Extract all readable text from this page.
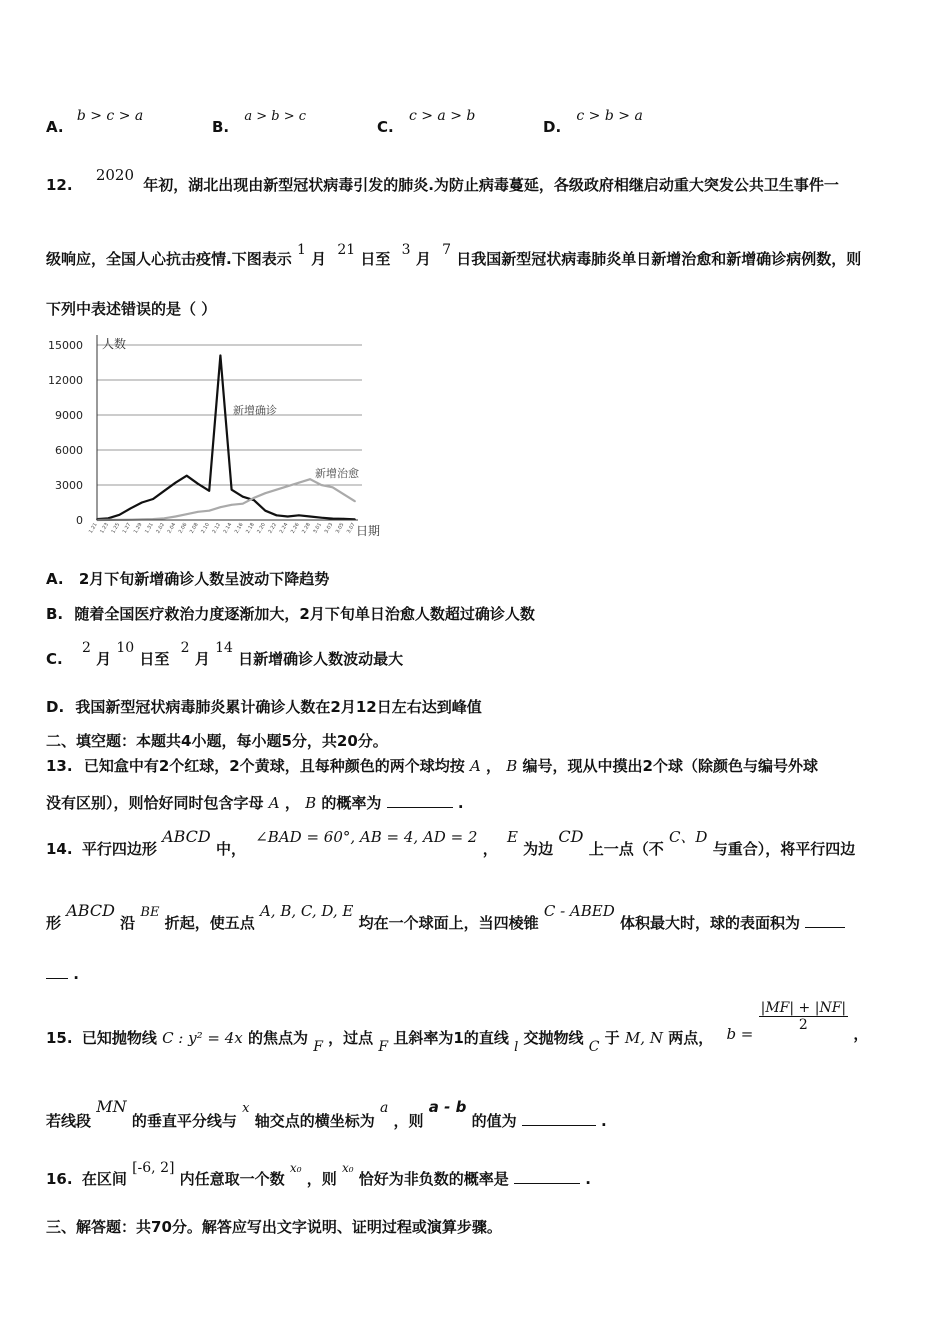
A. b > c > a
B. a > b > c
C. c > a > b
D. c > b > a
12. 2020 年初，湖北出现由新型冠状病毒引发的肺炎.为防止病毒蔓延，各级政府相继启动重大突发公共卫生事件一
级响应，全国人心抗击疫情.下图表示 1 月 21 日至 3 月 7 日我国新型冠状病毒肺炎单日新增治愈和新增确诊病例数，则
下列中表述错误的是（ ）
15000
12000
9000
6000
3000
0
1.21 1.23 1.25 1.27 1.29 1.31 2.02 2.04 2.06 2.08 2.10 2.12 2.14 2.16 2.18 2.20 2.22 2.24 2.26 2.28 3.01 3.03 3.05 3.07
人数
日期
新增确诊
新增治愈
A. 2月下旬新增确诊人数呈波动下降趋势
B. 随着全国医疗救治力度逐渐加大，2月下旬单日治愈人数超过确诊人数
C. 2 月 10 日至 2 月 14 日新增确诊人数波动最大
D. 我国新型冠状病毒肺炎累计确诊人数在2月12日左右达到峰值
二、填空题：本题共4小题，每小题5分，共20分。
13. 已知盒中有2个红球，2个黄球，且每种颜色的两个球均按 A ， B 编号，现从中摸出2个球（除颜色与编号外球
没有区别），则恰好同时包含字母 A ， B 的概率为	.
14. 平行四边形 ABCD 中， ∠BAD = 60°, AB = 4, AD = 2 ， E 为边 CD 上一点（不 C、D 与重合），将平行四边
形 ABCD 沿 BE 折起，使五点 A, B, C, D, E 均在一个球面上，当四棱锥 C - ABED 体积最大时，球的表面积为
.
15. 已知抛物线 C : y² = 4x 的焦点为 F ，过点 F 且斜率为1的直线 l 交抛物线 C 于 M, N 两点， b =
$\frac{|MF| + |NF|}{2}$
，
若线段 MN 的垂直平分线与 x 轴交点的横坐标为 a ，则 a - b 的值为	.
16. 在区间 [-6, 2] 内任意取一个数 x₀ ，则 x₀ 恰好为非负数的概率是	.
三、解答题：共70分。解答应写出文字说明、证明过程或演算步骤。
